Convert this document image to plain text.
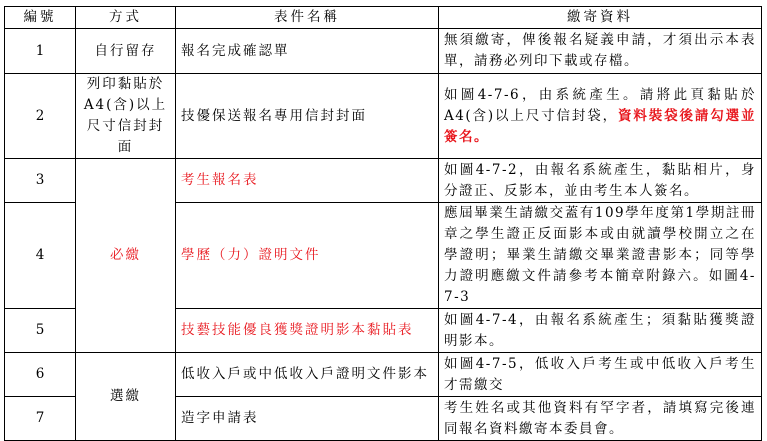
編號	方式	表件名稱	繳寄資料
1	自行留存	報名完成確認單	無須繳寄，俾後報名疑義申請，才須出示本表單，請務必列印下載或存檔。
2	列印黏貼於A4(含)以上尺寸信封封面	技優保送報名專用信封封面	如圖4-7-6，由系統產生。請將此頁黏貼於A4(含)以上尺寸信封袋，資料裝袋後請勾選並簽名。
3	必繳	考生報名表	如圖4-7-2，由報名系統產生，黏貼相片，身分證正、反影本，並由考生本人簽名。
4		學歷（力）證明文件	應屆畢業生請繳交蓋有109學年度第1學期註冊章之學生證正反面影本或由就讀學校開立之在學證明；畢業生請繳交畢業證書影本；同等學力證明應繳文件請參考本簡章附錄六。如圖4-7-3
5		技藝技能優良獲獎證明影本黏貼表	如圖4-7-4，由報名系統產生；須黏貼獲獎證明影本。
6	選繳	低收入戶或中低收入戶證明文件影本	如圖4-7-5，低收入戶考生或中低收入戶考生才需繳交
7		造字申請表	考生姓名或其他資料有罕字者，請填寫完後連同報名資料繳寄本委員會。
